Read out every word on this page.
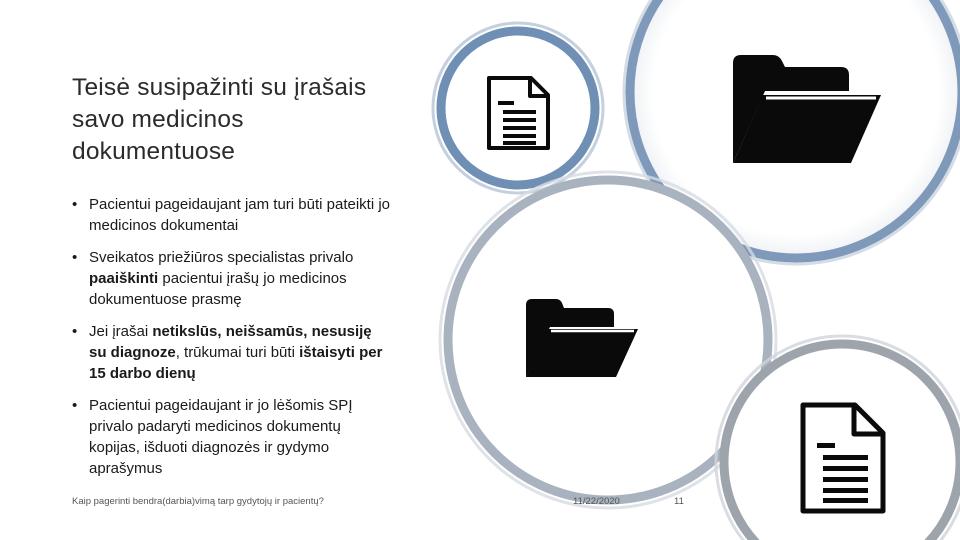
Teisė susipažinti su įrašais savo medicinos dokumentuose
• Pacientui pageidaujant jam turi būti pateikti jo medicinos dokumentai
• Sveikatos priežiūros specialistas privalo paaiškinti pacientui įrašų jo medicinos dokumentuose prasmę
• Jei įrašai netikslūs, neišsamūs, nesusiję su diagnoze, trūkumai turi būti ištaisyti per 15 darbo dienų
• Pacientui pageidaujant ir jo lėšomis SPĮ privalo padaryti medicinos dokumentų kopijas, išduoti diagnozės ir gydymo aprašymus
Kaip pagerinti bendra(darbia)vimą tarp gydytojų ir pacientų?	11/22/2020	11
